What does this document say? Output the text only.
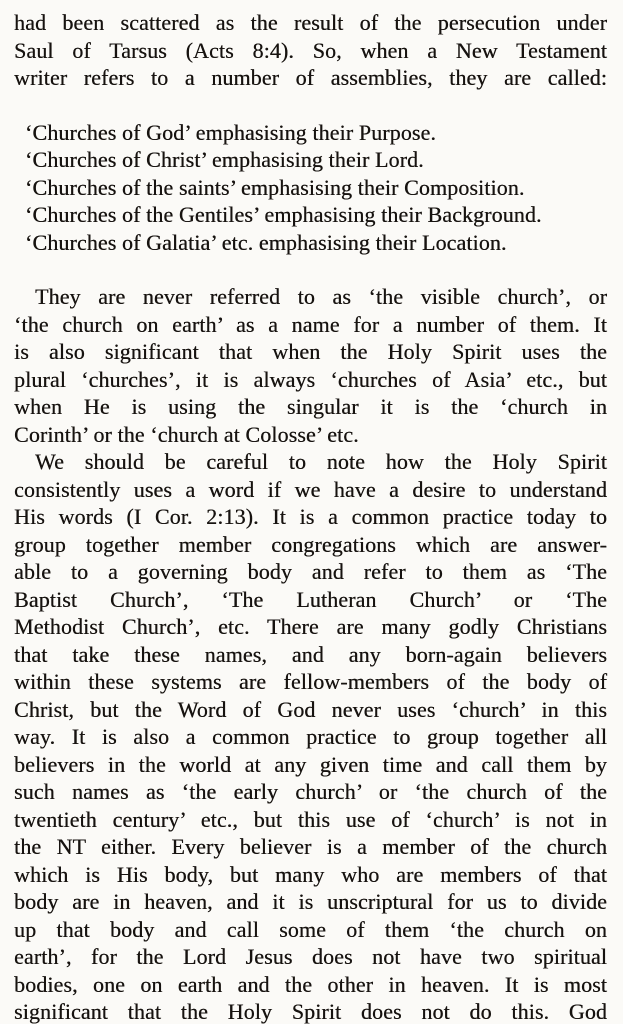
had been scattered as the result of the persecution under
Saul of Tarsus (Acts 8:4). So, when a New Testament
writer refers to a number of assemblies, they are called:
‘Churches of God’ emphasising their Purpose.
‘Churches of Christ’ emphasising their Lord.
‘Churches of the saints’ emphasising their Composition.
‘Churches of the Gentiles’ emphasising their Background.
‘Churches of Galatia’ etc. emphasising their Location.
They are never referred to as ‘the visible church’, or
‘the church on earth’ as a name for a number of them. It
is also significant that when the Holy Spirit uses the
plural ‘churches’, it is always ‘churches of Asia’ etc., but
when He is using the singular it is the ‘church in
Corinth’ or the ‘church at Colosse’ etc.
We should be careful to note how the Holy Spirit
consistently uses a word if we have a desire to understand
His words (I Cor. 2:13). It is a common practice today to
group together member congregations which are answer-
able to a governing body and refer to them as ‘The
Baptist Church’, ‘The Lutheran Church’ or ‘The
Methodist Church’, etc. There are many godly Christians
that take these names, and any born-again believers
within these systems are fellow-members of the body of
Christ, but the Word of God never uses ‘church’ in this
way. It is also a common practice to group together all
believers in the world at any given time and call them by
such names as ‘the early church’ or ‘the church of the
twentieth century’ etc., but this use of ‘church’ is not in
the NT either. Every believer is a member of the church
which is His body, but many who are members of that
body are in heaven, and it is unscriptural for us to divide
up that body and call some of them ‘the church on
earth’, for the Lord Jesus does not have two spiritual
bodies, one on earth and the other in heaven. It is most
significant that the Holy Spirit does not do this. God
